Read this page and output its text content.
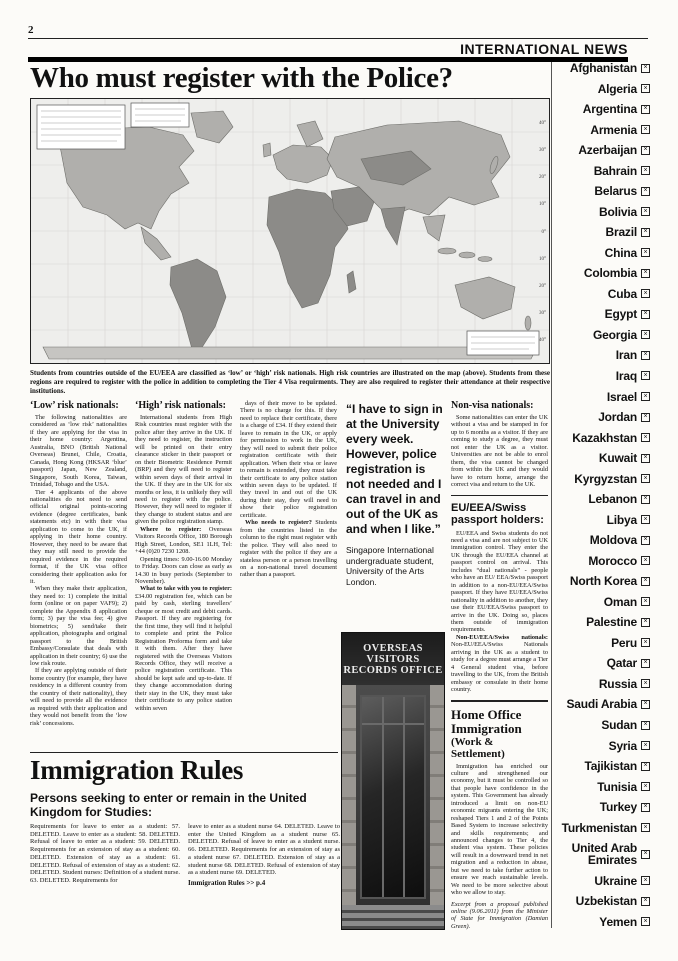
2
INTERNATIONAL NEWS
Who must register with the Police?
40°
30°
20°
10°
0°
10°
20°
30°
40°

Students from countries outside of the EU/EEA are classified as ‘low’ or ‘high’ risk nationals. High risk countries are illustrated on the map (above). Students from these regions are required to register with the police in addition to completing the Tier 4 Visa requirments. They are also required to register their attendance at their respective institutions.

‘Low’ risk nationals:

The following nationalities are considered as ‘low risk’ nationalities if they are applying for the visa in their home country: Argentina, Australia, BNO (British National Overseas) Brunei, Chile, Croatia, Canada, Hong Kong (HKSAR ‘blue’ passport) Japan, New Zealand, Singapore, South Korea, Taiwan, Trinidad, Tobago and the USA.

Tier 4 applicants of the above nationalities do not need to send official original points-scoring evidence (degree certificates, bank statements etc) in with their visa application to come to the UK, if applying in their home country. However, they need to be aware that they may still need to provide the required evidence in the required format, if the UK visa office considering their application asks for it.

When they make their application, they need to: 1) complete the initial form (online or on paper VAF9); 2) complete the Appendix 8 application form; 3) pay the visa fee; 4) give biometrics; 5) send/take their application, photographs and original passport to the British Embassy/Consulate that deals with application in their country; 6) use the low risk route.

If they are applying outside of their home country (for example, they have residency in a different country from the country of their nationality), they will need to provide all the evidence as required with their application and they would not benefit from the ‘low risk’ concessions.

‘High’ risk nationals:

International students from High Risk countries must register with the police after they arrive in the UK. If they need to register, the instruction will be printed on their entry clearance sticker in their passport or on their Biometric Residence Permit (BRP) and they will need to register within seven days of their arrival in the UK. If they are in the UK for six months or less, it is unlikely they will need to register with the police. However, they will need to register if they change to student status and are given the police registration stamp.

Where to register: Overseas Visitors Records Office, 180 Borough High Street, London, SE1 1LH, Tel: +44 (0)20 7230 1208.

Opening times: 9.00-16.00 Monday to Friday. Doors can close as early as 14.30 in busy periods (September to November).

What to take with you to register: £34.00 registration fee, which can be paid by cash, sterling travellers’ cheque or most credit and debit cards. Passport. If they are registering for the first time, they will find it helpful to complete and print the Police Registration Proforma form and take it with them. After they have registered with the Overseas Visitors Records Office, they will receive a police registration certificate. This should be kept safe and up-to-date. If they change accommodation during their stay in the UK, they must take their certificate to any police station within seven

days of their move to be updated. There is no charge for this. If they need to replace their certificate, there is a charge of £34. If they extend their leave to remain in the UK, or apply for permission to work in the UK, they will need to submit their police registration certificate with their application. When their visa or leave to remain is extended, they must take their certificate to any police station within seven days to be updated. If they travel in and out of the UK during their stay, they will need to show their police registration certificate.

Who needs to register? Students from the countries listed in the column to the right must register with the police. They will also need to register with the police if they are a stateless person or a person travelling on a non-national travel document rather than a passport.

“I have to sign in at the University every week. However, police registration is not needed and I can travel in and out of the UK as and when I like.”

Singapore International undergraduate student, University of the Arts London.

OVERSEAS VISITORS
RECORDS OFFICE
Non-visa nationals:

Some nationalities can enter the UK without a visa and be stamped in for up to 6 months as a visitor. If they are coming to study a degree, they must not enter the UK as a visitor. Universities are not be able to enrol them, the visa cannot be changed from within the UK and they would have to return home, arrange the correct visa and return to the UK.

EU/EEA/Swiss
passport holders:

EU/EEA and Swiss students do not need a visa and are not subject to UK immigration control. They enter the UK through the EU/EEA channel at passport control on arrival. This includes “dual nationals” - people who have an EU/ EEA/Swiss passport in addition to a non-EU/EEA/Swiss passport. If they have EU/EEA/Swiss nationality in addition to another, they use their EU/EEA/Swiss passport to arrive in the UK. Doing so, places them outside of immigration requirements.

Non-EU/EEA/Swiss nationals: Non-EU/EEA/Swiss Nationals arriving in the UK as a student to study for a degree must arrange a Tier 4 General student visa, before travelling to the UK, from the British embassy or consulate in their home country.

Home Office
Immigration
(Work & Settlement)

Immigration has enriched our culture and strengthened our economy, but it must be controlled so that people have confidence in the system. This Government has already introduced a limit on non-EU economic migrants entering the UK; reshaped Tiers 1 and 2 of the Points Based System to increase selectivity and skills requirements; and announced changes to Tier 4, the student visa system. These policies will result in a downward trend in net migration and a reduction in abuse, but we need to take further action to ensure we reach sustainable levels. We need to be more selective about who we allow to stay.

Excerpt from a proposal published online (9.06.2011) from the Minister of State for Immigration (Damian Green).

Immigration Rules
Persons seeking to enter or remain in the United Kingdom for Studies:
Requirements for leave to enter as a student: 57. DELETED. Leave to enter as a student: 58. DELETED. Refusal of leave to enter as a student: 59. DELETED. Requirements for an extension of stay as a student: 60. DELETED. Extension of stay as a student: 61. DELETED. Refusal of extension of stay as a student: 62. DELETED. Student nurses: Definition of a student nurse. 63. DELETED. Requirements for
leave to enter as a student nurse 64. DELETED. Leave to enter the United Kingdom as a student nurse 65. DELETED. Refusal of leave to enter as a student nurse. 66. DELETED. Requirements for an extension of stay as a student nurse 67. DELETED. Extension of stay as a student nurse 68. DELETED. Refusal of extension of stay as a student nurse 69. DELETED.
Immigration Rules >> p.4
Afghanistan ×
Algeria ×
Argentina ×
Armenia ×
Azerbaijan ×
Bahrain ×
Belarus ×
Bolivia ×
Brazil ×
China ×
Colombia ×
Cuba ×
Egypt ×
Georgia ×
Iran ×
Iraq ×
Israel ×
Jordan ×
Kazakhstan ×
Kuwait ×
Kyrgyzstan ×
Lebanon ×
Libya ×
Moldova ×
Morocco ×
North Korea ×
Oman ×
Palestine ×
Peru ×
Qatar ×
Russia ×
Saudi Arabia ×
Sudan ×
Syria ×
Tajikistan ×
Tunisia ×
Turkey ×
Turkmenistan ×
United Arab Emirates ×
Ukraine ×
Uzbekistan ×
Yemen ×
